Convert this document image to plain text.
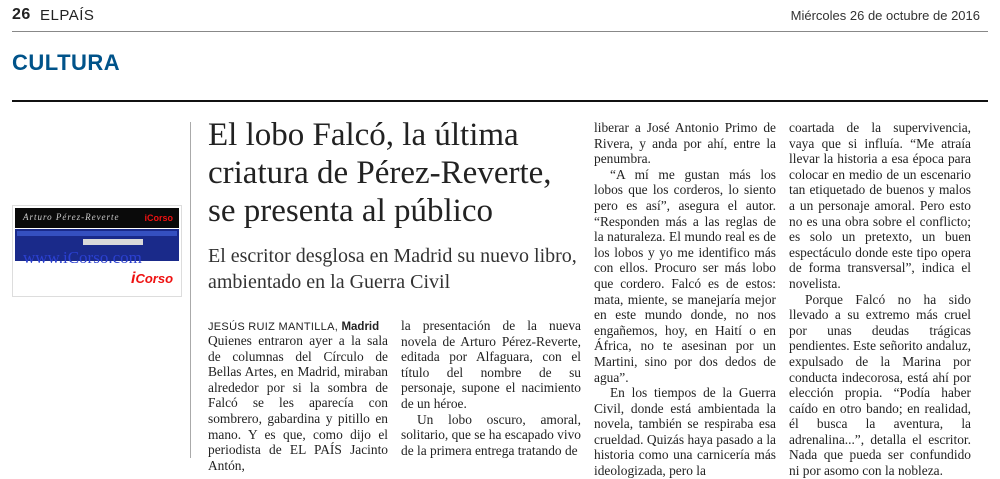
26 ELPAÍS	Miércoles 26 de octubre de 2016
CULTURA
Arturo Pérez-Reverte	iCorso
www.iCorso.com
iCorso
El lobo Falcó, la última criatura de Pérez-Reverte, se presenta al público
El escritor desglosa en Madrid su nuevo libro, ambientado en la Guerra Civil
JESÚS RUIZ MANTILLA, Madrid

Quienes entraron ayer a la sala de columnas del Círculo de Bellas Artes, en Madrid, miraban alrededor por si la sombra de Falcó se les aparecía con sombrero, gabardina y pitillo en mano. Y es que, como dijo el periodista de EL PAÍS Jacinto Antón,

la presentación de la nueva novela de Arturo Pérez-Reverte, editada por Alfaguara, con el título del nombre de su personaje, supone el nacimiento de un héroe.

Un lobo oscuro, amoral, solitario, que se ha escapado vivo de la primera entrega tratando de

liberar a José Antonio Primo de Rivera, y anda por ahí, entre la penumbra.

“A mí me gustan más los lobos que los corderos, lo siento pero es así”, asegura el autor. “Responden más a las reglas de la naturaleza. El mundo real es de los lobos y yo me identifico más con ellos. Procuro ser más lobo que cordero. Falcó es de estos: mata, miente, se manejaría mejor en este mundo donde, no nos engañemos, hoy, en Haití o en África, no te asesinan por un Martini, sino por dos dedos de agua”.

En los tiempos de la Guerra Civil, donde está ambientada la novela, también se respiraba esa crueldad. Quizás haya pasado a la historia como una carnicería más ideologizada, pero la

coartada de la supervivencia, vaya que si influía. “Me atraía llevar la historia a esa época para colocar en medio de un escenario tan etiquetado de buenos y malos a un personaje amoral. Pero esto no es una obra sobre el conflicto; es solo un pretexto, un buen espectáculo donde este tipo opera de forma transversal”, indica el novelista.

Porque Falcó no ha sido llevado a su extremo más cruel por unas deudas trágicas pendientes. Este señorito andaluz, expulsado de la Marina por conducta indecorosa, está ahí por elección propia. “Podía haber caído en otro bando; en realidad, él busca la aventura, la adrenalina...”, detalla el escritor. Nada que pueda ser confundido ni por asomo con la nobleza.
